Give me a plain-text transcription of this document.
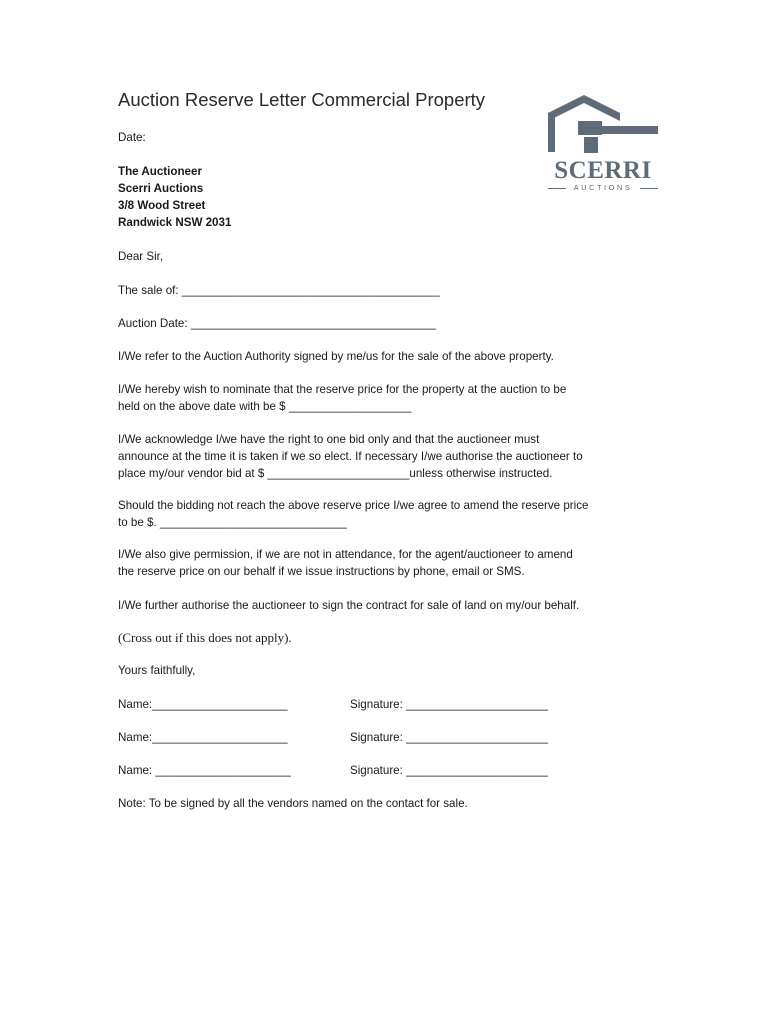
Auction Reserve Letter Commercial Property
SCERRI
AUCTIONS
Date:
The Auctioneer
Scerri Auctions
3/8 Wood Street
Randwick NSW 2031
Dear Sir,
The sale of: ________________________________________
Auction Date: ______________________________________
I/We refer to the Auction Authority signed by me/us for the sale of the above property.
I/We hereby wish to nominate that the reserve price for the property at the auction to be
held on the above date with be $ ___________________
I/We acknowledge I/we have the right to one bid only and that the auctioneer must
announce at the time it is taken if we so elect. If necessary I/we authorise the auctioneer to
place my/our vendor bid at $ ______________________unless otherwise instructed.
Should the bidding not reach the above reserve price I/we agree to amend the reserve price
to be $. _____________________________
I/We also give permission, if we are not in attendance, for the agent/auctioneer to amend
the reserve price on our behalf if we issue instructions by phone, email or SMS.
I/We further authorise the auctioneer to sign the contract for sale of land on my/our behalf.
(Cross out if this does not apply).
Yours faithfully,
Name:_____________________	Signature: ______________________
Name:_____________________	Signature: ______________________
Name: _____________________	Signature: ______________________
Note: To be signed by all the vendors named on the contact for sale.
